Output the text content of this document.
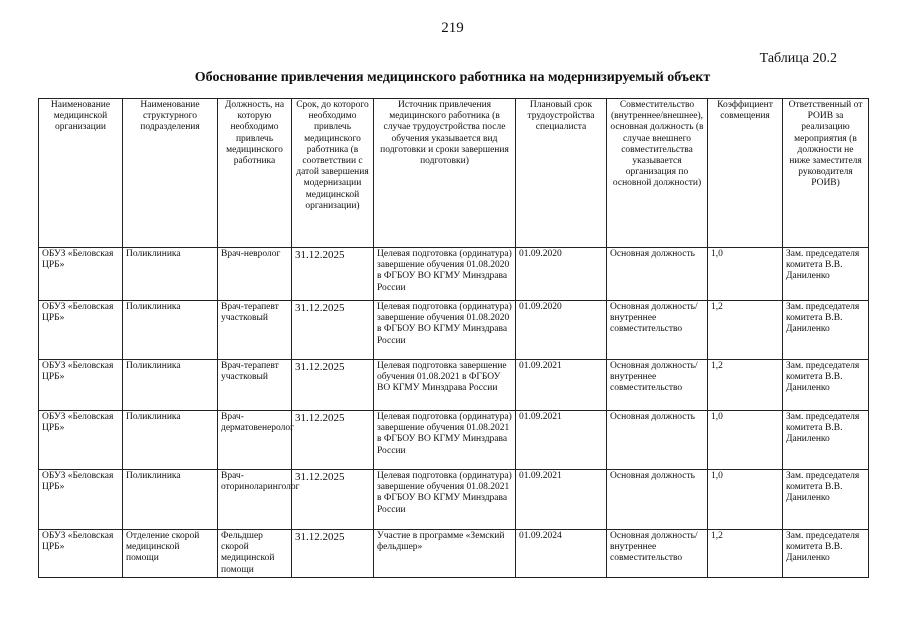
219
Таблица 20.2
Обоснование привлечения медицинского работника на модернизируемый объект
Наименование медицинской организации	Наименование структурного подразделения	Должность, на которую необходимо привлечь медицинского работника	Срок, до которого необходимо привлечь медицинского работника (в соответствии с датой завершения модернизации медицинской организации)	Источник привлечения медицинского работника (в случае трудоустройства после обучения указывается вид подготовки и сроки завершения подготовки)	Плановый срок трудоустройства специалиста	Совместительство (внутреннее/внешнее), основная должность (в случае внешнего совместительства указывается организация по основной должности)	Коэффициент совмещения	Ответственный от РОИВ за реализацию мероприятия (в должности не ниже заместителя руководителя РОИВ)
ОБУЗ «Беловская ЦРБ»	Поликлиника	Врач-невролог	31.12.2025	Целевая подготовка (ординатура) завершение обучения 01.08.2020 в ФГБОУ ВО КГМУ Минздрава России	01.09.2020	Основная должность	1,0	Зам. председателя комитета В.В. Даниленко
ОБУЗ «Беловская ЦРБ»	Поликлиника	Врач-терапевт участковый	31.12.2025	Целевая подготовка (ординатура) завершение обучения 01.08.2020 в ФГБОУ ВО КГМУ Минздрава России	01.09.2020	Основная должность/внутреннее совместительство	1,2	Зам. председателя комитета В.В. Даниленко
ОБУЗ «Беловская ЦРБ»	Поликлиника	Врач-терапевт участковый	31.12.2025	Целевая подготовка завершение обучения 01.08.2021 в ФГБОУ ВО КГМУ Минздрава России	01.09.2021	Основная должность/внутреннее совместительство	1,2	Зам. председателя комитета В.В. Даниленко
ОБУЗ «Беловская ЦРБ»	Поликлиника	Врач-дерматовенеролог	31.12.2025	Целевая подготовка (ординатура) завершение обучения 01.08.2021 в ФГБОУ ВО КГМУ Минздрава России	01.09.2021	Основная должность	1,0	Зам. председателя комитета В.В. Даниленко
ОБУЗ «Беловская ЦРБ»	Поликлиника	Врач-оториноларинголог	31.12.2025	Целевая подготовка (ординатура) завершение обучения 01.08.2021 в ФГБОУ ВО КГМУ Минздрава России	01.09.2021	Основная должность	1,0	Зам. председателя комитета В.В. Даниленко
ОБУЗ «Беловская ЦРБ»	Отделение скорой медицинской помощи	Фельдшер скорой медицинской помощи	31.12.2025	Участие в программе «Земский фельдшер»	01.09.2024	Основная должность/внутреннее совместительство	1,2	Зам. председателя комитета В.В. Даниленко
